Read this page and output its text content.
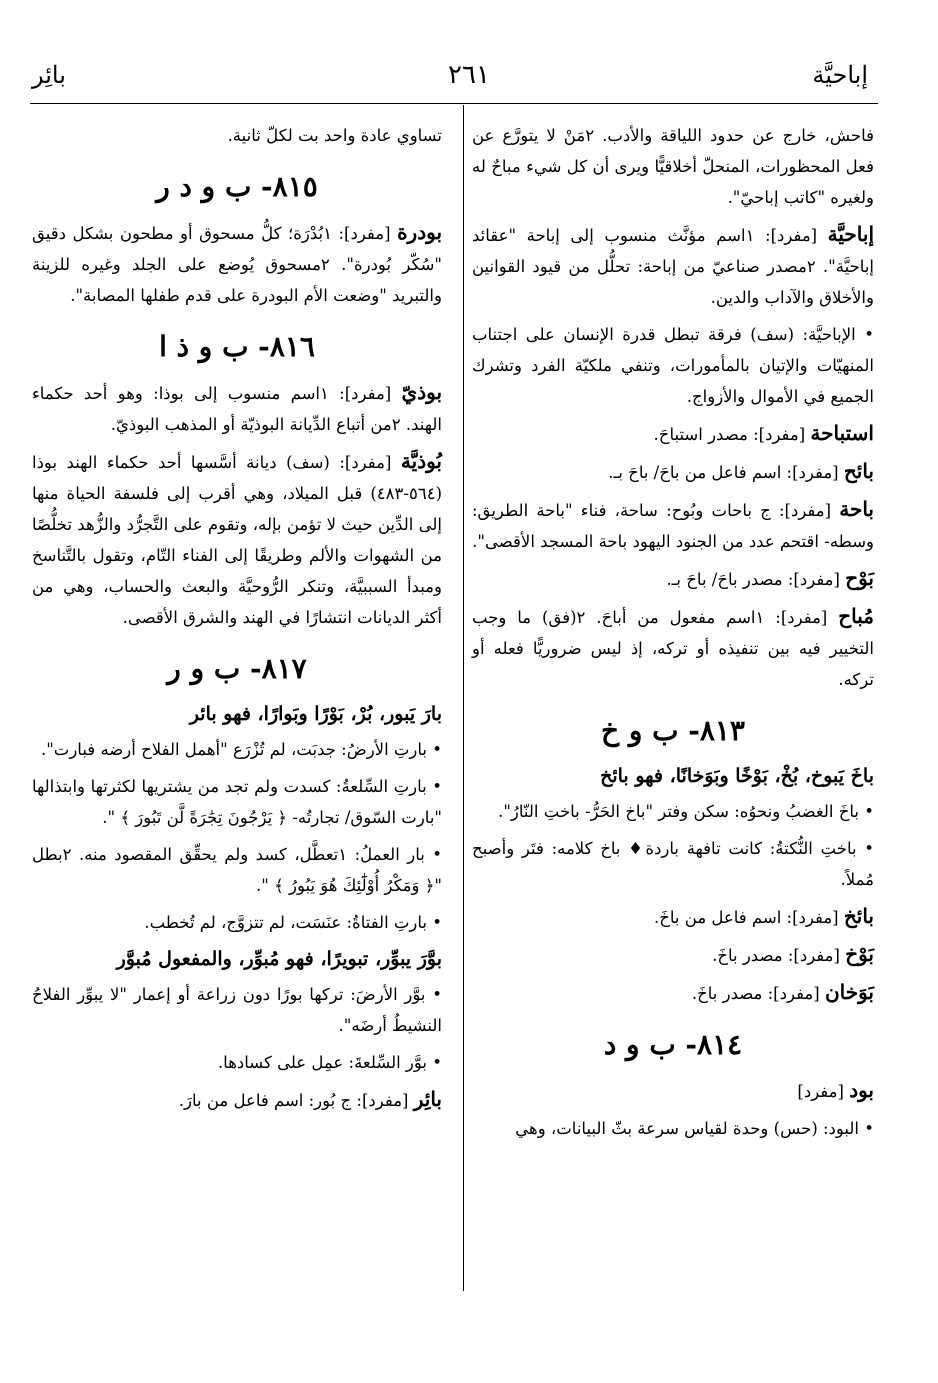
إباحيَّة
٢٦١
بائِر

فاحش، خارج عن حدود اللياقة والأدب. ٢مَنْ لا يتورَّع عن فعل المحظورات، المنحلّ أخلاقيًّا ويرى أن كل شيء مباحٌ له ولغيره "كاتب إباحيّ".

إباحيَّة [مفرد]: ١اسم مؤنَّث منسوب إلى إباحة "عقائد إباحيَّة". ٢مصدر صناعيّ من إباحة: تحلُّل من قيود القوانين والأخلاق والآداب والدين.

• الإباحيَّة: (سف) فرقة تبطل قدرة الإنسان على اجتناب المنهيّات والإتيان بالمأمورات، وتنفي ملكيّة الفرد وتشرك الجميع في الأموال والأزواج.

استباحة [مفرد]: مصدر استباحَ.

بائح [مفرد]: اسم فاعل من باحَ/ باحَ بـ.

باحة [مفرد]: ج باحات وبُوح: ساحة، فناء "باحة الطريق: وسطه- اقتحم عدد من الجنود اليهود باحة المسجد الأقصى".

بَوْح [مفرد]: مصدر باحَ/ باحَ بـ.

مُباح [مفرد]: ١اسم مفعول من أباحَ. ٢(فق) ما وجب التخيير فيه بين تنفيذه أو تركه، إذ ليس ضروريًّا فعله أو تركه.

٨١٣- ب و خ

باخَ يَبوخ، بُخْ، بَوْخًا وبَوَخانًا، فهو بائخ

• باخَ الغضبُ ونحوُه: سكن وفتر "باخ الحَرُّ- باختِ النّارُ".

• باختِ النُّكتةُ: كانت تافهة باردة♦ باخ كلامه: فتَر وأصبح مُملاً.

بائخ [مفرد]: اسم فاعل من باخَ.

بَوْخ [مفرد]: مصدر باخَ.

بَوَخان [مفرد]: مصدر باخَ.

٨١٤- ب و د

بود [مفرد]

• البود: (حس) وحدة لقياس سرعة بثّ البيانات، وهي

تساوي عادة واحد بت لكلّ ثانية.

٨١٥- ب و د ر

بودرة [مفرد]: ١بُدْرَة؛ كلُّ مسحوق أو مطحون بشكل دقيق "سُكّر بُودرة". ٢مسحوق يُوضع على الجلد وغيره للزينة والتبريد "وضعت الأم البودرة على قدم طفلها المصابة".

٨١٦- ب و ذ ا

بوذيّ [مفرد]: ١اسم منسوب إلى بوذا: وهو أحد حكماء الهند. ٢من أتباع الدِّيانة البوذيّة أو المذهب البوذيّ.

بُوذيَّة [مفرد]: (سف) ديانة أسَّسها أحد حكماء الهند بوذا (٥٦٤-٤٨٣) قبل الميلاد، وهي أقرب إلى فلسفة الحياة منها إلى الدِّين حيث لا تؤمن بإله، وتقوم على التَّجرُّد والزُّهد تخلُّصًا من الشهوات والألم وطريقًا إلى الفناء التّام، وتقول بالتَّناسخ ومبدأ السببيَّة، وتنكر الرُّوحيَّة والبعث والحساب، وهي من أكثر الديانات انتشارًا في الهند والشرق الأقصى.

٨١٧- ب و ر

بارَ يَبور، بُرْ، بَوْرًا وبَوارًا، فهو بائر

• بارتِ الأرضُ: جدبَت، لم تُزْرَع "أهمل الفلاح أرضه فبارت".

• بارتِ السِّلعةُ: كسدت ولم تجد من يشتريها لكثرتها وابتذالها "بارت السّوق/ تجارتُه- ﴿ يَرْجُونَ تِجَٰرَةً لَّن تَبُورَ ﴾ ".

• بار العملُ: ١تعطَّل، كسد ولم يحقِّق المقصود منه. ٢بطل "﴿ وَمَكْرُ أُوْلَٰٓئِكَ هُوَ يَبُورُ ﴾ ".

• بارتِ الفتاةُ: عنَسَت، لم تتزوَّج، لم تُخطب.

بوَّرَ يبوِّر، تبويرًا، فهو مُبوِّر، والمفعول مُبوَّر

• بوَّر الأرضَ: تركها بورًا دون زراعة أو إعمار "لا يبوِّر الفلاحُ النشيطُ أرضَه".

• بوَّر السِّلعةَ: عمِل على كسادها.

بائِر [مفرد]: ج بُور: اسم فاعل من بارَ.
